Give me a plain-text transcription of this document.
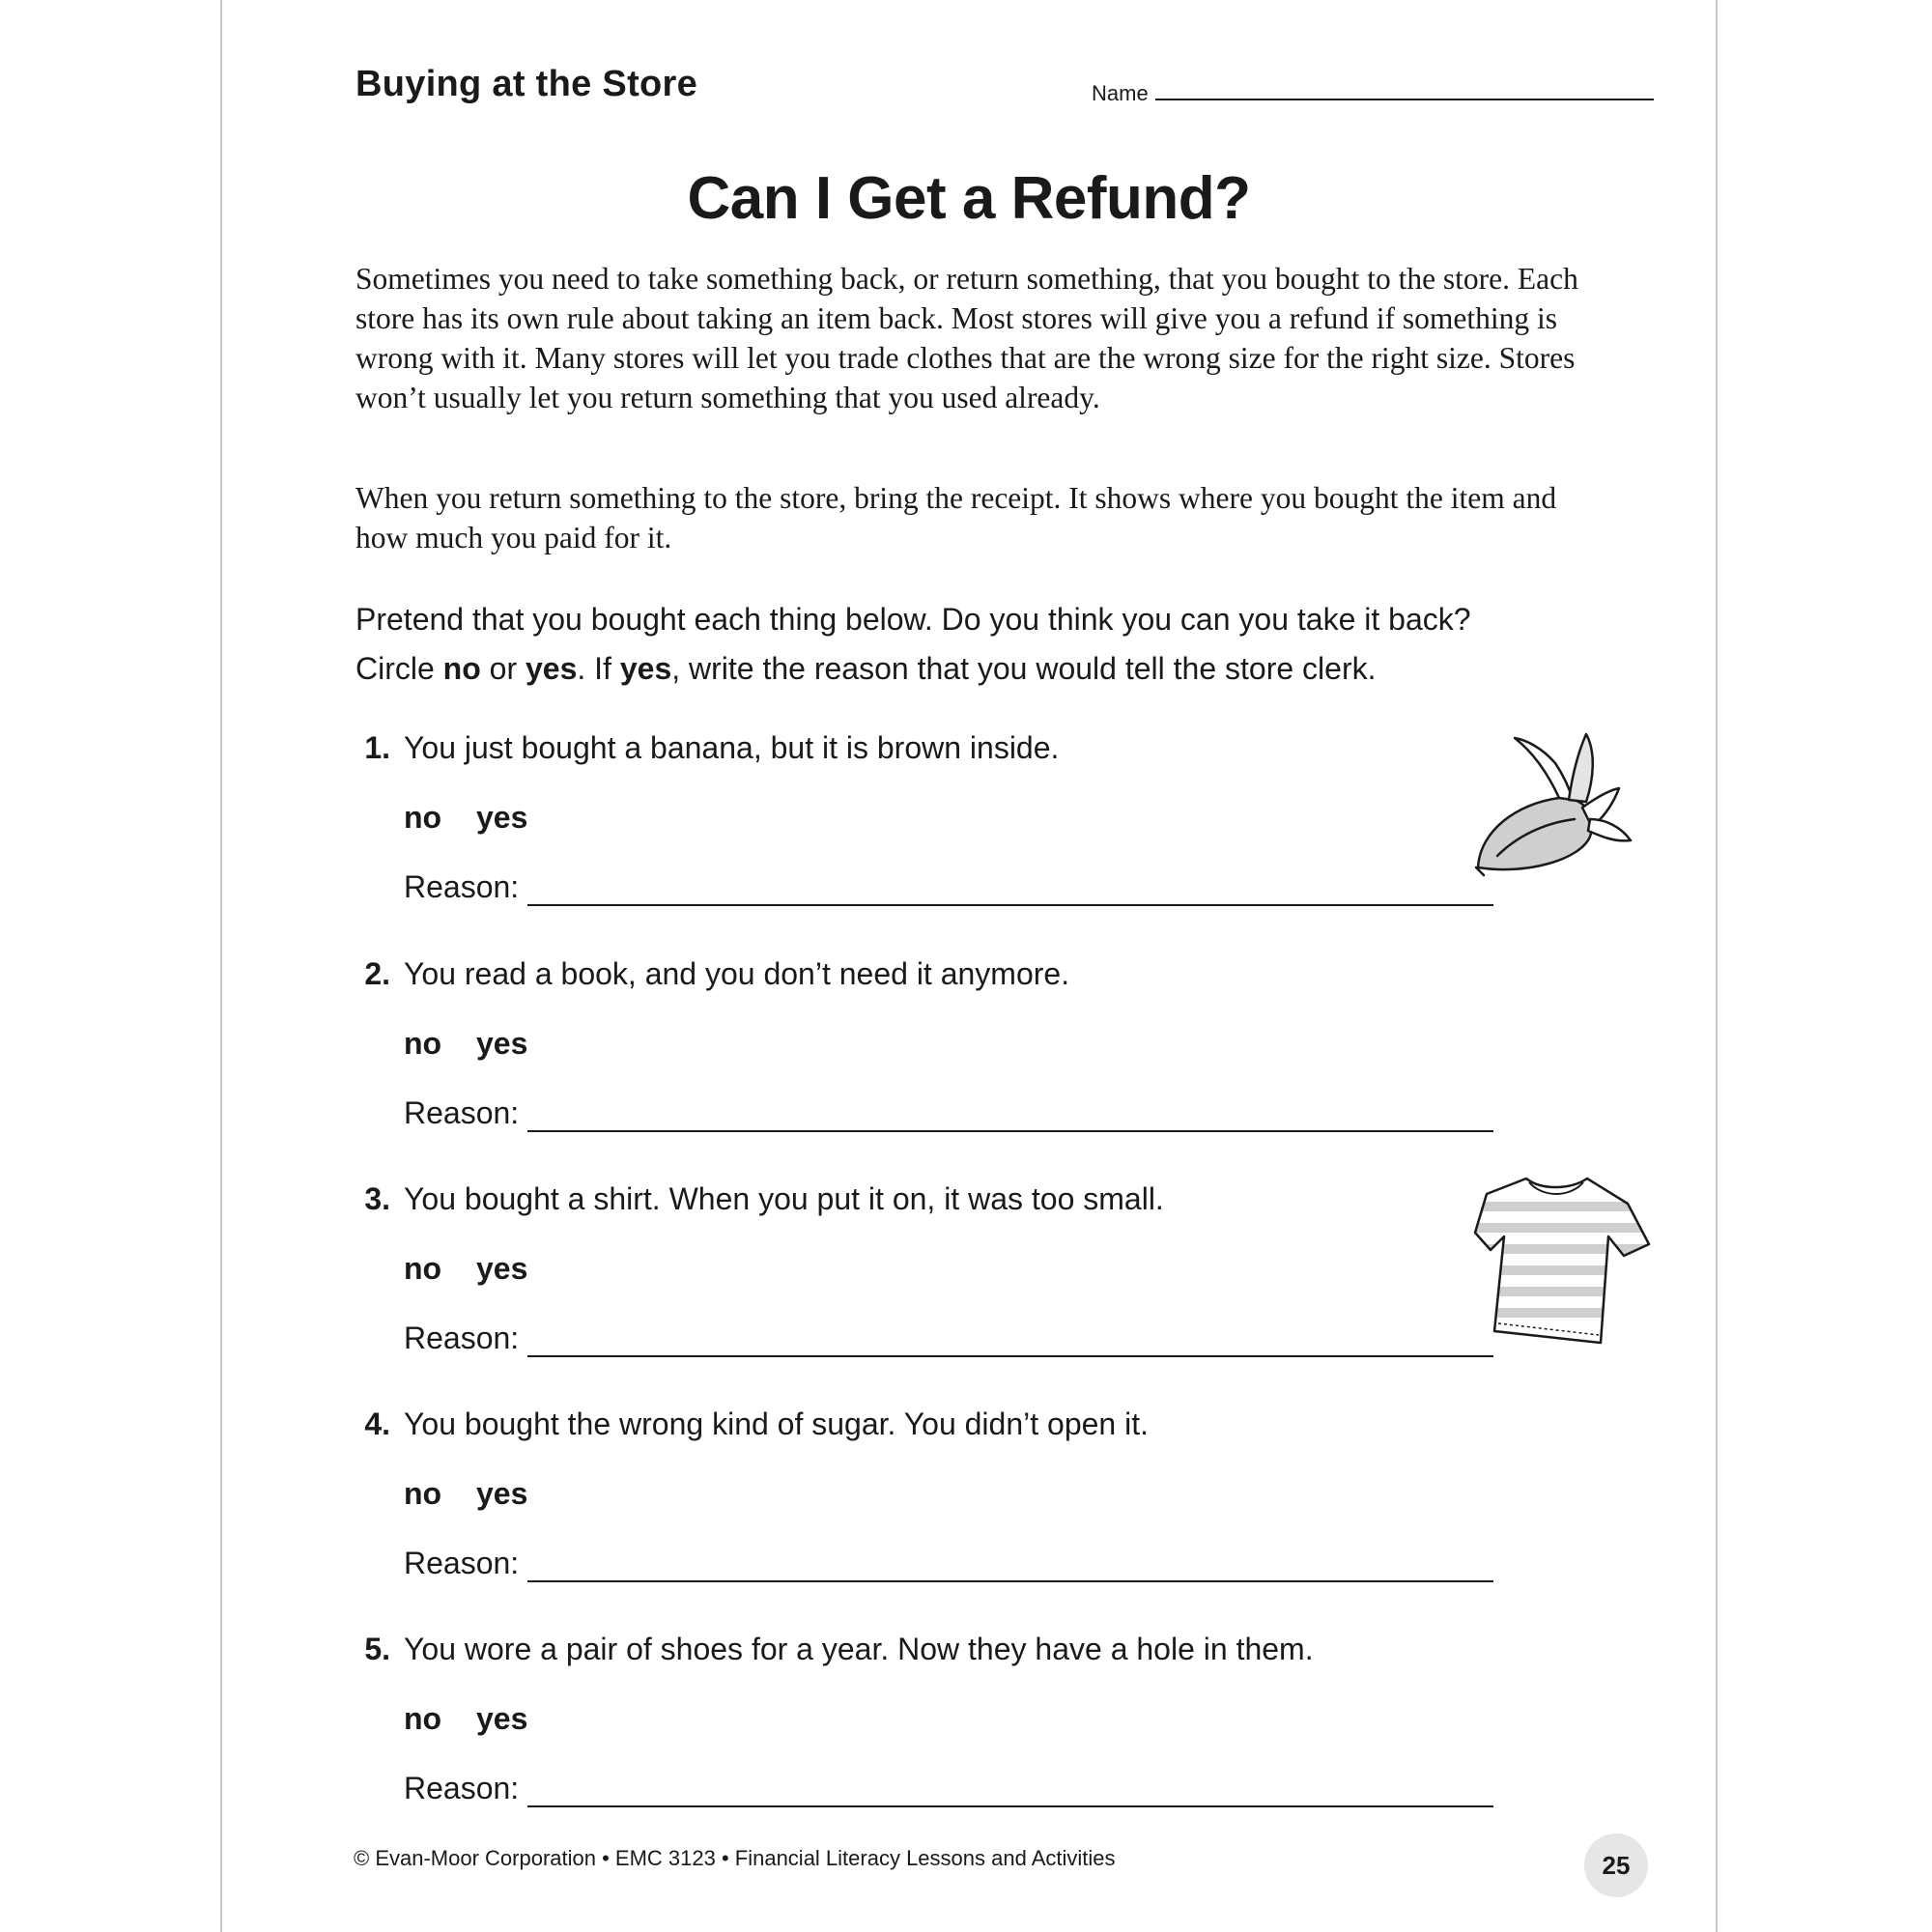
Buying at the Store	Name
Can I Get a Refund?

Sometimes you need to take something back, or return something, that you bought to the store. Each store has its own rule about taking an item back. Most stores will give you a refund if something is wrong with it. Many stores will let you trade clothes that are the wrong size for the right size. Stores won’t usually let you return something that you used already.

When you return something to the store, bring the receipt. It shows where you bought the item and how much you paid for it.

Pretend that you bought each thing below. Do you think you can you take it back?
Circle no or yes. If yes, write the reason that you would tell the store clerk.
1. You just bought a banana, but it is brown inside.
no yes
Reason:
2. You read a book, and you don’t need it anymore.
no yes
Reason:
3. You bought a shirt. When you put it on, it was too small.
no yes
Reason:
4. You bought the wrong kind of sugar. You didn’t open it.
no yes
Reason:
5. You wore a pair of shoes for a year. Now they have a hole in them.
no yes
Reason:
© Evan-Moor Corporation • EMC 3123 • Financial Literacy Lessons and Activities	25
